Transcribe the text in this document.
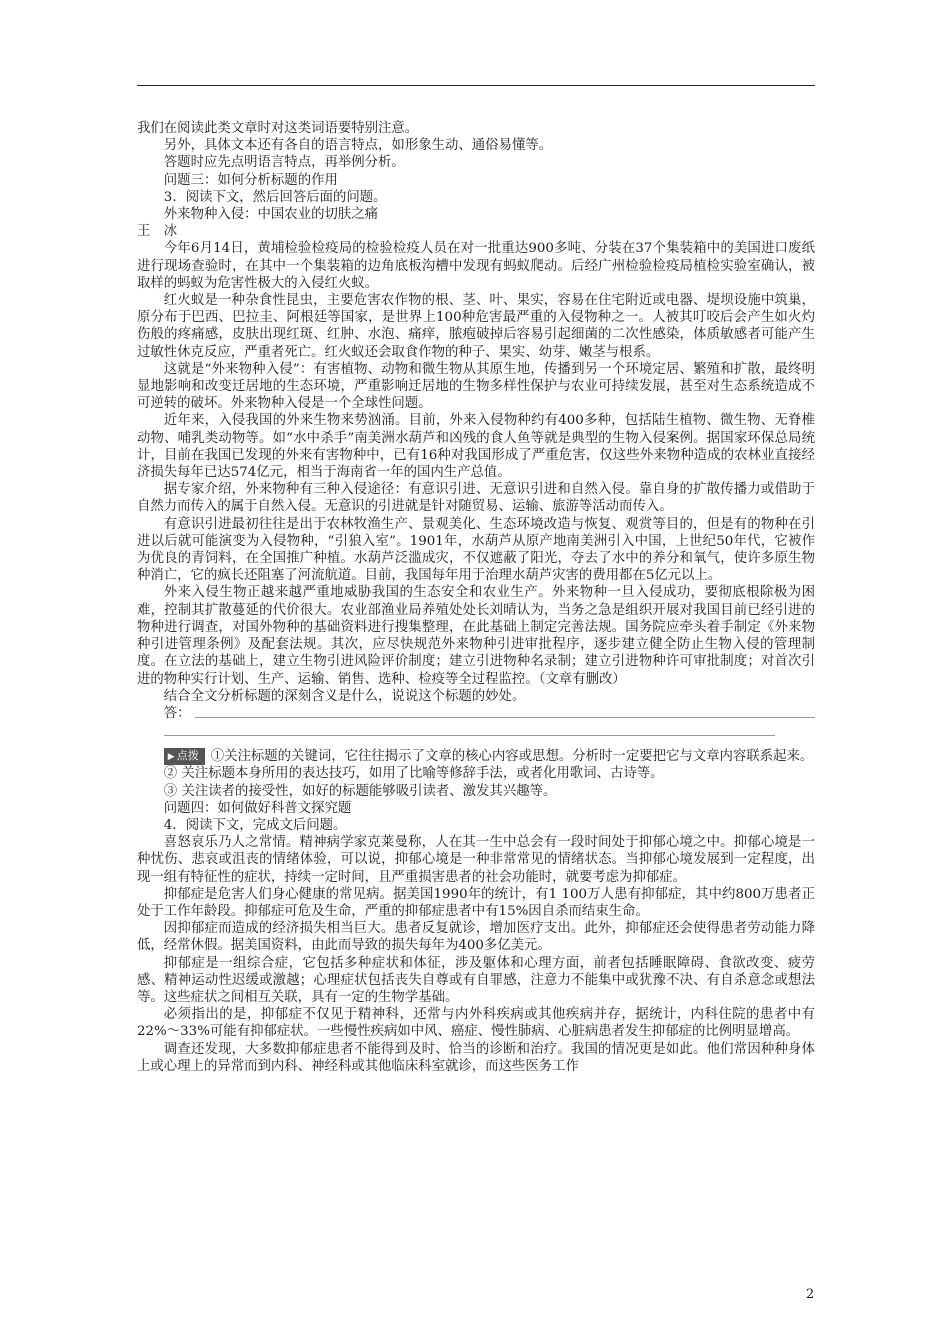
我们在阅读此类文章时对这类词语要特别注意。

另外，具体文本还有各自的语言特点，如形象生动、通俗易懂等。

答题时应先点明语言特点，再举例分析。

问题三：如何分析标题的作用

3．阅读下文，然后回答后面的问题。

外来物种入侵：中国农业的切肤之痛

王冰

今年6月14日，黄埔检验检疫局的检验检疫人员在对一批重达900多吨、分装在37个集装箱中的美国进口废纸进行现场查验时，在其中一个集装箱的边角底板沟槽中发现有蚂蚁爬动。后经广州检验检疫局植检实验室确认，被取样的蚂蚁为危害性极大的入侵红火蚁。

红火蚁是一种杂食性昆虫，主要危害农作物的根、茎、叶、果实，容易在住宅附近或电器、堤坝设施中筑巢，原分布于巴西、巴拉圭、阿根廷等国家，是世界上100种危害最严重的入侵物种之一。人被其叮咬后会产生如火灼伤般的疼痛感，皮肤出现红斑、红肿、水泡、痛痒，脓疱破掉后容易引起细菌的二次性感染，体质敏感者可能产生过敏性休克反应，严重者死亡。红火蚁还会取食作物的种子、果实、幼芽、嫩茎与根系。

这就是“外来物种入侵”：有害植物、动物和微生物从其原生地，传播到另一个环境定居、繁殖和扩散，最终明显地影响和改变迁居地的生态环境，严重影响迁居地的生物多样性保护与农业可持续发展，甚至对生态系统造成不可逆转的破坏。外来物种入侵是一个全球性问题。

近年来，入侵我国的外来生物来势汹涌。目前，外来入侵物种约有400多种，包括陆生植物、微生物、无脊椎动物、哺乳类动物等。如“水中杀手”南美洲水葫芦和凶残的食人鱼等就是典型的生物入侵案例。据国家环保总局统计，目前在我国已发现的外来有害物种中，已有16种对我国形成了严重危害，仅这些外来物种造成的农林业直接经济损失每年已达574亿元，相当于海南省一年的国内生产总值。

据专家介绍，外来物种有三种入侵途径：有意识引进、无意识引进和自然入侵。靠自身的扩散传播力或借助于自然力而传入的属于自然入侵。无意识的引进就是针对随贸易、运输、旅游等活动而传入。

有意识引进最初往往是出于农林牧渔生产、景观美化、生态环境改造与恢复、观赏等目的，但是有的物种在引进以后就可能演变为入侵物种，“引狼入室”。1901年，水葫芦从原产地南美洲引入中国，上世纪50年代，它被作为优良的青饲料，在全国推广种植。水葫芦泛滥成灾，不仅遮蔽了阳光，夺去了水中的养分和氧气，使许多原生物种消亡，它的疯长还阻塞了河流航道。目前，我国每年用于治理水葫芦灾害的费用都在5亿元以上。

外来入侵生物正越来越严重地威胁我国的生态安全和农业生产。外来物种一旦入侵成功，要彻底根除极为困难，控制其扩散蔓延的代价很大。农业部渔业局养殖处处长刘晴认为，当务之急是组织开展对我国目前已经引进的物种进行调查，对国外物种的基础资料进行搜集整理，在此基础上制定完善法规。国务院应牵头着手制定《外来物种引进管理条例》及配套法规。其次，应尽快规范外来物种引进审批程序，逐步建立健全防止生物入侵的管理制度。在立法的基础上，建立生物引进风险评价制度；建立引进物种名录制；建立引进物种许可审批制度；对首次引进的物种实行计划、生产、运输、销售、选种、检疫等全过程监控。（文章有删改）

结合全文分析标题的深刻含义是什么，说说这个标题的妙处。

答：

▶ 点拨 ①关注标题的关键词，它往往揭示了文章的核心内容或思想。分析时一定要把它与文章内容联系起来。

② 关注标题本身所用的表达技巧，如用了比喻等修辞手法，或者化用歌词、古诗等。

③ 关注读者的接受性，如好的标题能够吸引读者、激发其兴趣等。

问题四：如何做好科普文探究题

4．阅读下文，完成文后问题。

喜怒哀乐乃人之常情。精神病学家克莱曼称，人在其一生中总会有一段时间处于抑郁心境之中。抑郁心境是一种忧伤、悲哀或沮丧的情绪体验，可以说，抑郁心境是一种非常常见的情绪状态。当抑郁心境发展到一定程度，出现一组有特征性的症状，持续一定时间，且严重损害患者的社会功能时，就要考虑为抑郁症。

抑郁症是危害人们身心健康的常见病。据美国1990年的统计，有1 100万人患有抑郁症，其中约800万患者正处于工作年龄段。抑郁症可危及生命，严重的抑郁症患者中有15%因自杀而结束生命。

因抑郁症而造成的经济损失相当巨大。患者反复就诊，增加医疗支出。此外，抑郁症还会使得患者劳动能力降低，经常休假。据美国资料，由此而导致的损失每年为400多亿美元。

抑郁症是一组综合症，它包括多种症状和体征，涉及躯体和心理方面，前者包括睡眠障碍、食欲改变、疲劳感、精神运动性迟缓或激越；心理症状包括丧失自尊或有自罪感，注意力不能集中或犹豫不决、有自杀意念或想法等。这些症状之间相互关联，具有一定的生物学基础。

必须指出的是，抑郁症不仅见于精神科，还常与内外科疾病或其他疾病并存，据统计，内科住院的患者中有22%～33%可能有抑郁症状。一些慢性疾病如中风、癌症、慢性肺病、心脏病患者发生抑郁症的比例明显增高。

调查还发现，大多数抑郁症患者不能得到及时、恰当的诊断和治疗。我国的情况更是如此。他们常因种种身体上或心理上的异常而到内科、神经科或其他临床科室就诊，而这些医务工作

2
